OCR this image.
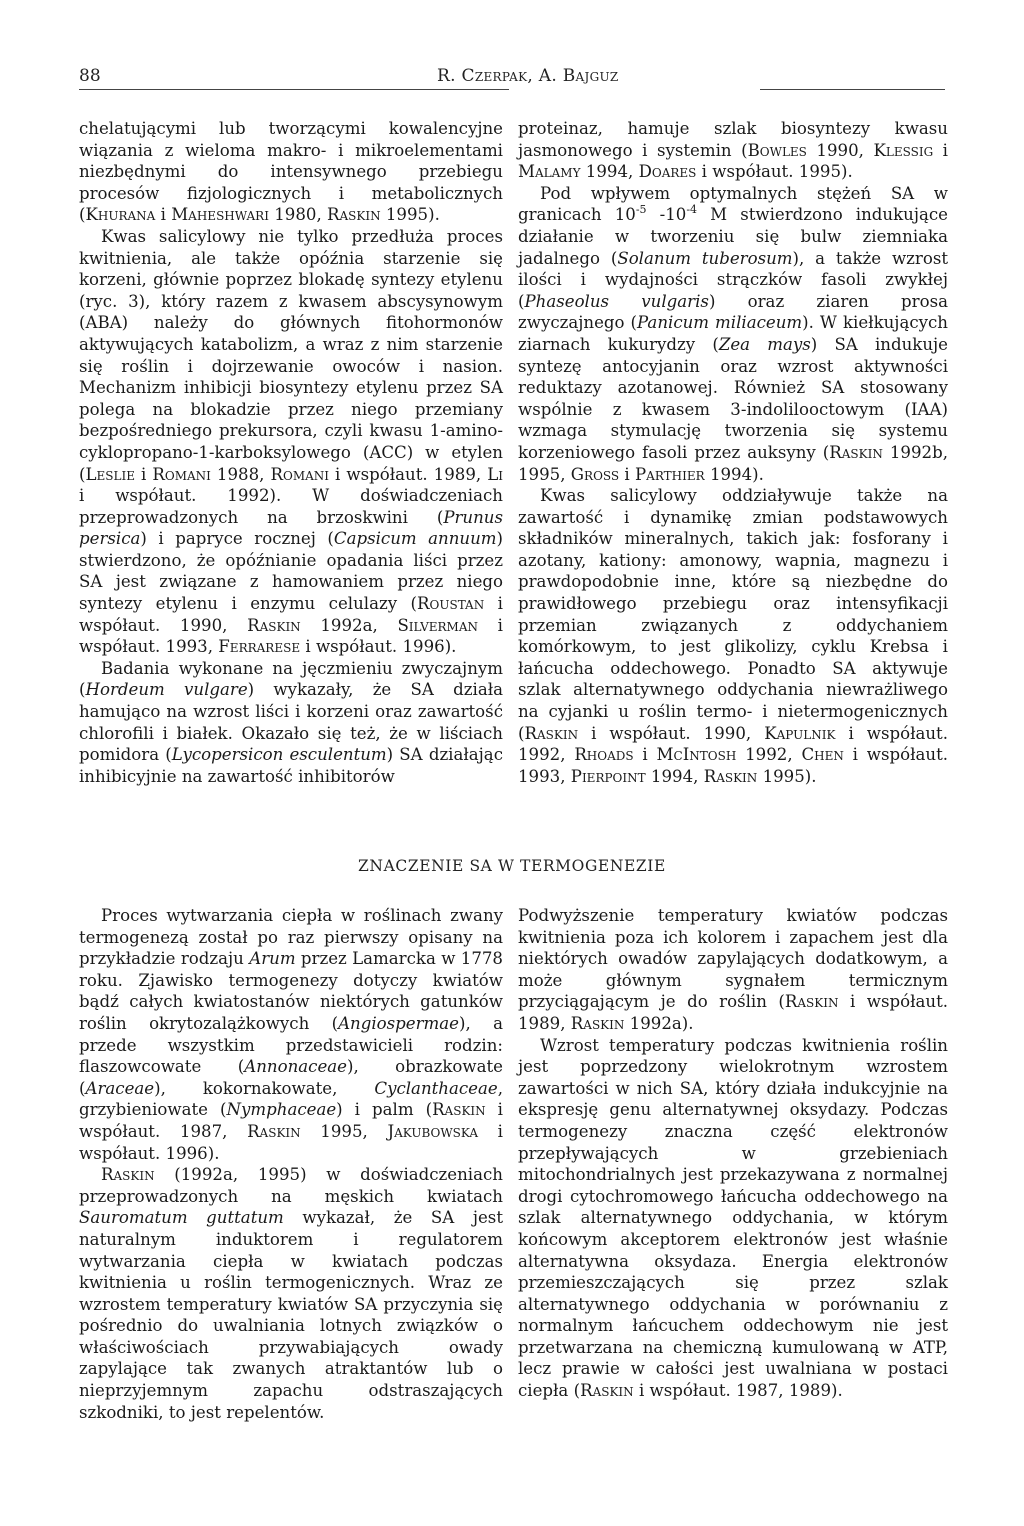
88	R. Czerpak, A. Bajguz

chelatującymi lub tworzącymi kowalencyjne wiązania z wieloma makro- i mikroelementami niezbędnymi do intensywnego przebiegu procesów fizjologicznych i metabolicznych (Khurana i Maheshwari 1980, Raskin 1995).

Kwas salicylowy nie tylko przedłuża proces kwitnienia, ale także opóźnia starzenie się korzeni, głównie poprzez blokadę syntezy etylenu (ryc. 3), który razem z kwasem abscysynowym (ABA) należy do głównych fitohormonów aktywujących katabolizm, a wraz z nim starzenie się roślin i dojrzewanie owoców i nasion. Mechanizm inhibicji biosyntezy etylenu przez SA polega na blokadzie przez niego przemiany bezpośredniego prekursora, czyli kwasu 1-amino-cyklopropano-1-karboksylowego (ACC) w etylen (Leslie i Romani 1988, Romani i współaut. 1989, Li i współaut. 1992). W doświadczeniach przeprowadzonych na brzoskwini (Prunus persica) i papryce rocznej (Capsicum annuum) stwierdzono, że opóźnianie opadania liści przez SA jest związane z hamowaniem przez niego syntezy etylenu i enzymu celulazy (Roustan i współaut. 1990, Raskin 1992a, Silverman i współaut. 1993, Ferrarese i współaut. 1996).

Badania wykonane na jęczmieniu zwyczajnym (Hordeum vulgare) wykazały, że SA działa hamująco na wzrost liści i korzeni oraz zawartość chlorofili i białek. Okazało się też, że w liściach pomidora (Lycopersicon esculentum) SA działając inhibicyjnie na zawartość inhibitorów

proteinaz, hamuje szlak biosyntezy kwasu jasmonowego i systemin (Bowles 1990, Klessig i Malamy 1994, Doares i współaut. 1995).

Pod wpływem optymalnych stężeń SA w granicach $10^{-5}$ $-10^{-4}$ M stwierdzono indukujące działanie w tworzeniu się bulw ziemniaka jadalnego (Solanum tuberosum), a także wzrost ilości i wydajności strączków fasoli zwykłej (Phaseolus vulgaris) oraz ziaren prosa zwyczajnego (Panicum miliaceum). W kiełkujących ziarnach kukurydzy (Zea mays) SA indukuje syntezę antocyjanin oraz wzrost aktywności reduktazy azotanowej. Również SA stosowany wspólnie z kwasem 3-indolilooctowym (IAA) wzmaga stymulację tworzenia się systemu korzeniowego fasoli przez auksyny (Raskin 1992b, 1995, Gross i Parthier 1994).

Kwas salicylowy oddziaływuje także na zawartość i dynamikę zmian podstawowych składników mineralnych, takich jak: fosforany i azotany, kationy: amonowy, wapnia, magnezu i prawdopodobnie inne, które są niezbędne do prawidłowego przebiegu oraz intensyfikacji przemian związanych z oddychaniem komórkowym, to jest glikolizy, cyklu Krebsa i łańcucha oddechowego. Ponadto SA aktywuje szlak alternatywnego oddychania niewrażliwego na cyjanki u roślin termo- i nietermogenicznych (Raskin i współaut. 1990, Kapulnik i współaut. 1992, Rhoads i McIntosh 1992, Chen i współaut. 1993, Pierpoint 1994, Raskin 1995).

ZNACZENIE SA W TERMOGENEZIE

Proces wytwarzania ciepła w roślinach zwany termogenezą został po raz pierwszy opisany na przykładzie rodzaju Arum przez Lamarcka w 1778 roku. Zjawisko termogenezy dotyczy kwiatów bądź całych kwiatostanów niektórych gatunków roślin okrytozalążkowych (Angiospermae), a przede wszystkim przedstawicieli rodzin: flaszowcowate (Annonaceae), obrazkowate (Araceae), kokornakowate, Cyclanthaceae, grzybieniowate (Nymphaceae) i palm (Raskin i współaut. 1987, Raskin 1995, Jakubowska i współaut. 1996).

Raskin (1992a, 1995) w doświadczeniach przeprowadzonych na męskich kwiatach Sauromatum guttatum wykazał, że SA jest naturalnym induktorem i regulatorem wytwarzania ciepła w kwiatach podczas kwitnienia u roślin termogenicznych. Wraz ze wzrostem temperatury kwiatów SA przyczynia się pośrednio do uwalniania lotnych związków o właściwościach przywabiających owady zapylające tak zwanych atraktantów lub o nieprzyjemnym zapachu odstraszających szkodniki, to jest repelentów.

Podwyższenie temperatury kwiatów podczas kwitnienia poza ich kolorem i zapachem jest dla niektórych owadów zapylających dodatkowym, a może głównym sygnałem termicznym przyciągającym je do roślin (Raskin i współaut. 1989, Raskin 1992a).

Wzrost temperatury podczas kwitnienia roślin jest poprzedzony wielokrotnym wzrostem zawartości w nich SA, który działa indukcyjnie na ekspresję genu alternatywnej oksydazy. Podczas termogenezy znaczna część elektronów przepływających w grzebieniach mitochondrialnych jest przekazywana z normalnej drogi cytochromowego łańcucha oddechowego na szlak alternatywnego oddychania, w którym końcowym akceptorem elektronów jest właśnie alternatywna oksydaza. Energia elektronów przemieszczających się przez szlak alternatywnego oddychania w porównaniu z normalnym łańcuchem oddechowym nie jest przetwarzana na chemiczną kumulowaną w ATP, lecz prawie w całości jest uwalniana w postaci ciepła (Raskin i współaut. 1987, 1989).
